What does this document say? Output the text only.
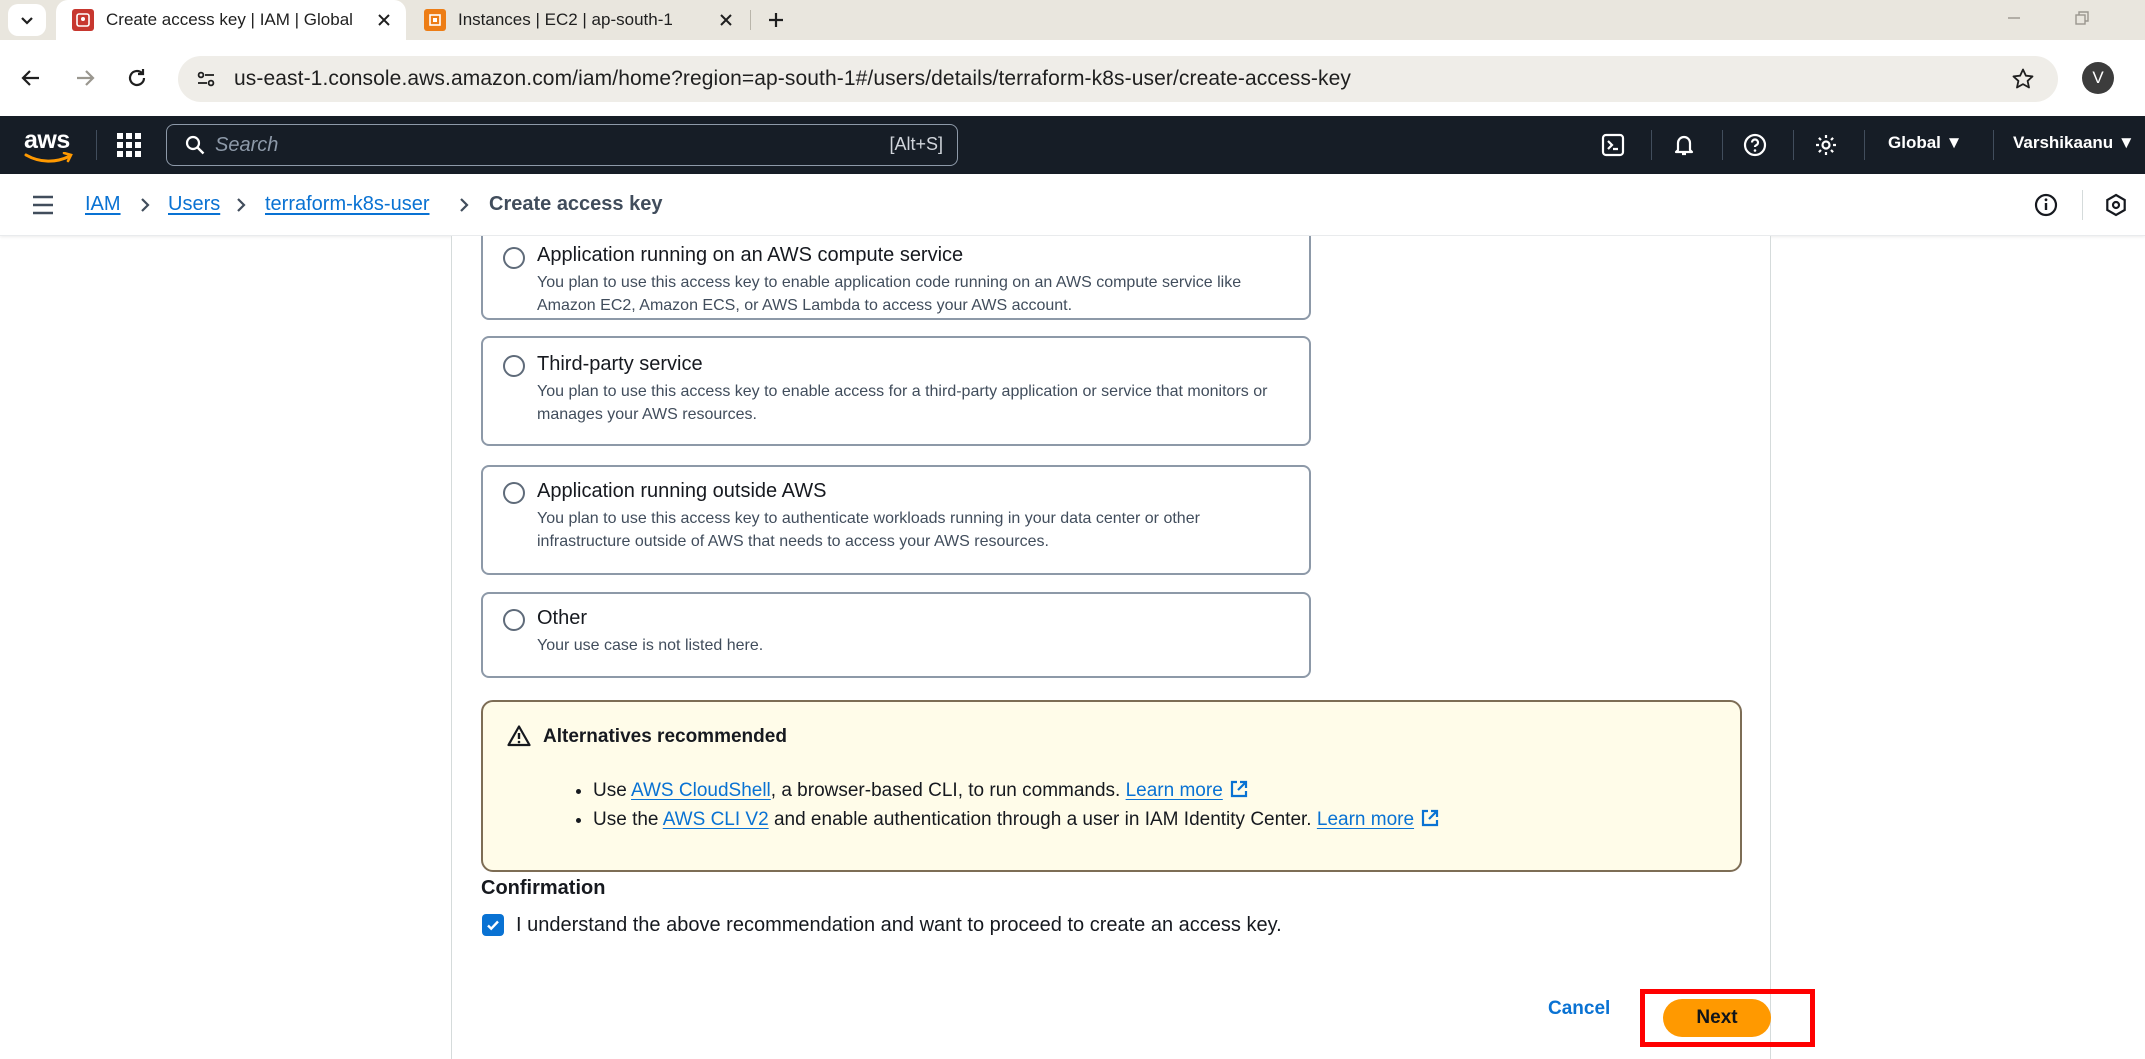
Create access key | IAM | Global	Instances | EC2 | ap-south-1
us-east-1.console.aws.amazon.com/iam/home?region=ap-south-1#/users/details/terraform-k8s-user/create-access-key	V
aws	Search	[Alt+S]	Global ▼	Varshikaanu ▼
IAM Users terraform-k8s-user	Create access key
Application running on an AWS compute service
You plan to use this access key to enable application code running on an AWS compute service like Amazon EC2, Amazon ECS, or AWS Lambda to access your AWS account.
Third-party service
You plan to use this access key to enable access for a third-party application or service that monitors or manages your AWS resources.
Application running outside AWS
You plan to use this access key to authenticate workloads running in your data center or other infrastructure outside of AWS that needs to access your AWS resources.
Other
Your use case is not listed here.
Alternatives recommended
• Use AWS CloudShell, a browser-based CLI, to run commands. Learn more
• Use the AWS CLI V2 and enable authentication through a user in IAM Identity Center. Learn more
Confirmation
I understand the above recommendation and want to proceed to create an access key.
Cancel	Next
